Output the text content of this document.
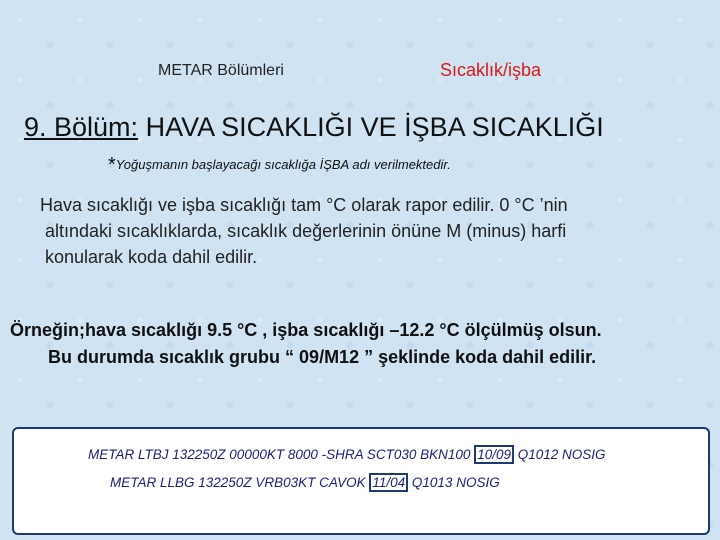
METAR Bölümleri	Sıcaklık/işba
9. Bölüm: HAVA SICAKLIĞI VE İŞBA SICAKLIĞI
*Yoğuşmanın başlayacağı sıcaklığa İŞBA adı verilmektedir.
Hava sıcaklığı ve işba sıcaklığı tam °C olarak rapor edilir. 0 °C ’nin
altındaki sıcaklıklarda, sıcaklık değerlerinin önüne M (minus) harfi
konularak koda dahil edilir.
Örneğin;hava sıcaklığı 9.5 °C , işba sıcaklığı –12.2 °C ölçülmüş olsun.
Bu durumda sıcaklık grubu “ 09/M12 ” şeklinde koda dahil edilir.
METAR LTBJ 132250Z 00000KT 8000 -SHRA SCT030 BKN100 10/09 Q1012 NOSIG
METAR LLBG 132250Z VRB03KT CAVOK 11/04 Q1013 NOSIG
